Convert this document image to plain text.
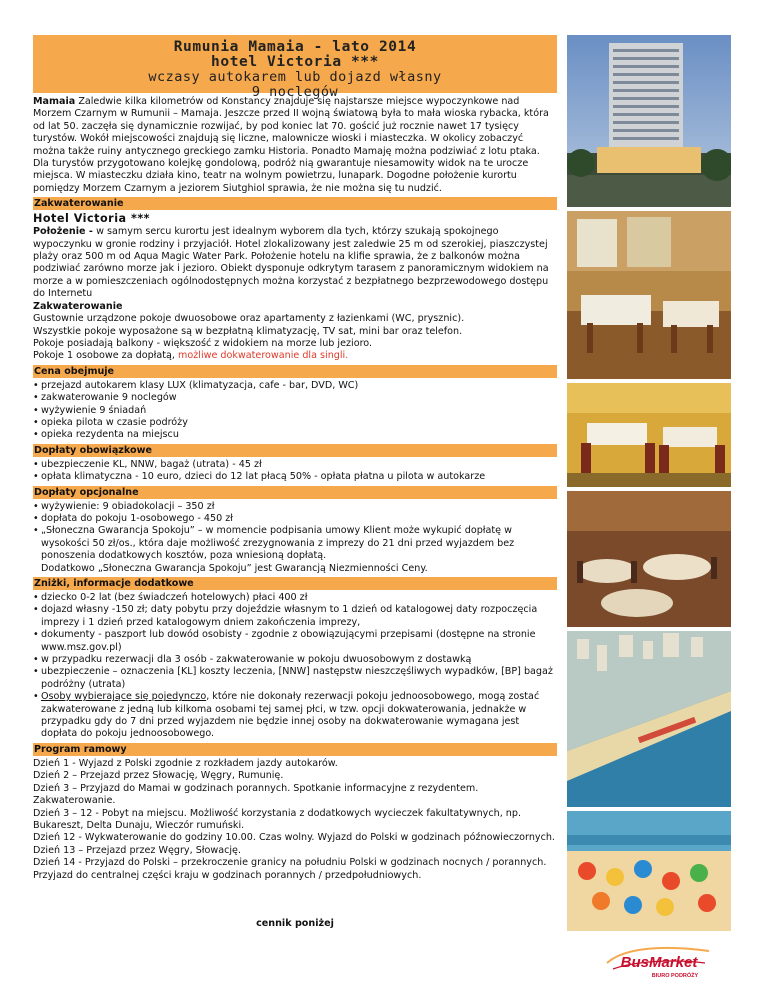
Rumunia Mamaia - lato 2014
hotel Victoria ***
wczasy autokarem lub dojazd własny
9 noclegów

Mamaia Zaledwie kilka kilometrów od Konstancy znajduje się najstarsze miejsce wypoczynkowe nad Morzem Czarnym w Rumunii – Mamaja. Jeszcze przed II wojną światową była to mała wioska rybacka, która od lat 50. zaczęła się dynamicznie rozwijać, by pod koniec lat 70. gościć już rocznie nawet 17 tysięcy turystów. Wokół miejscowości znajdują się liczne, malownicze wioski i miasteczka. W okolicy zobaczyć można także ruiny antycznego greckiego zamku Historia. Ponadto Mamaję można podziwiać z lotu ptaka. Dla turystów przygotowano kolejkę gondolową, podróż nią gwarantuje niesamowity widok na te urocze miejsca. W miasteczku działa kino, teatr na wolnym powietrzu, lunapark. Dogodne położenie kurortu pomiędzy Morzem Czarnym a jeziorem Siutghiol sprawia, że nie można się tu nudzić.

Zakwaterowanie
Hotel Victoria ***

Położenie - w samym sercu kurortu jest idealnym wyborem dla tych, którzy szukają spokojnego wypoczynku w gronie rodziny i przyjaciół. Hotel zlokalizowany jest zaledwie 25 m od szerokiej, piaszczystej plaży oraz 500 m od Aqua Magic Water Park. Położenie hotelu na klifie sprawia, że z balkonów można podziwiać zarówno morze jak i jezioro. Obiekt dysponuje odkrytym tarasem z panoramicznym widokiem na morze a w pomieszczeniach ogólnodostępnych można korzystać z bezpłatnego bezprzewodowego dostępu do Internetu

Zakwaterowanie

Gustownie urządzone pokoje dwuosobowe oraz apartamenty z łazienkami (WC, prysznic).

Wszystkie pokoje wyposażone są w bezpłatną klimatyzację, TV sat, mini bar oraz telefon.

Pokoje posiadają balkony - większość z widokiem na morze lub jezioro.

Pokoje 1 osobowe za dopłatą, możliwe dokwaterowanie dla singli.

Cena obejmuje
• przejazd autokarem klasy LUX (klimatyzacja, cafe - bar, DVD, WC)
• zakwaterowanie 9 noclegów
• wyżywienie 9 śniadań
• opieka pilota w czasie podróży
• opieka rezydenta na miejscu
Dopłaty obowiązkowe
• ubezpieczenie KL, NNW, bagaż (utrata) - 45 zł
• opłata klimatyczna - 10 euro, dzieci do 12 lat płacą 50% - opłata płatna u pilota w autokarze
Dopłaty opcjonalne
• wyżywienie: 9 obiadokolacji – 350 zł
• dopłata do pokoju 1-osobowego - 450 zł
• „Słoneczna Gwarancja Spokoju” – w momencie podpisania umowy Klient może wykupić dopłatę w wysokości 50 zł/os., która daje możliwość zrezygnowania z imprezy do 21 dni przed wyjazdem bez ponoszenia dodatkowych kosztów, poza wniesioną dopłatą.

Dodatkowo „Słoneczna Gwarancja Spokoju” jest Gwarancją Niezmienności Ceny.

Zniżki, informacje dodatkowe
• dziecko 0-2 lat (bez świadczeń hotelowych) płaci 400 zł
• dojazd własny -150 zł; daty pobytu przy dojeździe własnym to 1 dzień od katalogowej daty rozpoczęcia imprezy i 1 dzień przed katalogowym dniem zakończenia imprezy,
• dokumenty - paszport lub dowód osobisty - zgodnie z obowiązującymi przepisami (dostępne na stronie www.msz.gov.pl)
• w przypadku rezerwacji dla 3 osób - zakwaterowanie w pokoju dwuosobowym z dostawką
• ubezpieczenie – oznaczenia [KL] koszty leczenia, [NNW] następstw nieszczęśliwych wypadków, [BP] bagaż podróżny (utrata)
• Osoby wybierające się pojedynczo, które nie dokonały rezerwacji pokoju jednoosobowego, mogą zostać zakwaterowane z jedną lub kilkoma osobami tej samej płci, w tzw. opcji dokwaterowania, jednakże w przypadku gdy do 7 dni przed wyjazdem nie będzie innej osoby na dokwaterowanie wymagana jest dopłata do pokoju jednoosobowego.
Program ramowy

Dzień 1 - Wyjazd z Polski zgodnie z rozkładem jazdy autokarów.

Dzień 2 – Przejazd przez Słowację, Węgry, Rumunię.

Dzień 3 – Przyjazd do Mamai w godzinach porannych. Spotkanie informacyjne z rezydentem. Zakwaterowanie.

Dzień 3 – 12 - Pobyt na miejscu. Możliwość korzystania z dodatkowych wycieczek fakultatywnych, np. Bukareszt, Delta Dunaju, Wieczór rumuński.

Dzień 12 - Wykwaterowanie do godziny 10.00. Czas wolny. Wyjazd do Polski w godzinach późnowieczornych.

Dzień 13 – Przejazd przez Węgry, Słowację.

Dzień 14 - Przyjazd do Polski – przekroczenie granicy na południu Polski w godzinach nocnych / porannych. Przyjazd do centralnej części kraju w godzinach porannych / przedpołudniowych.

cennik poniżej
BusMarket
BIURO PODRÓŻY
